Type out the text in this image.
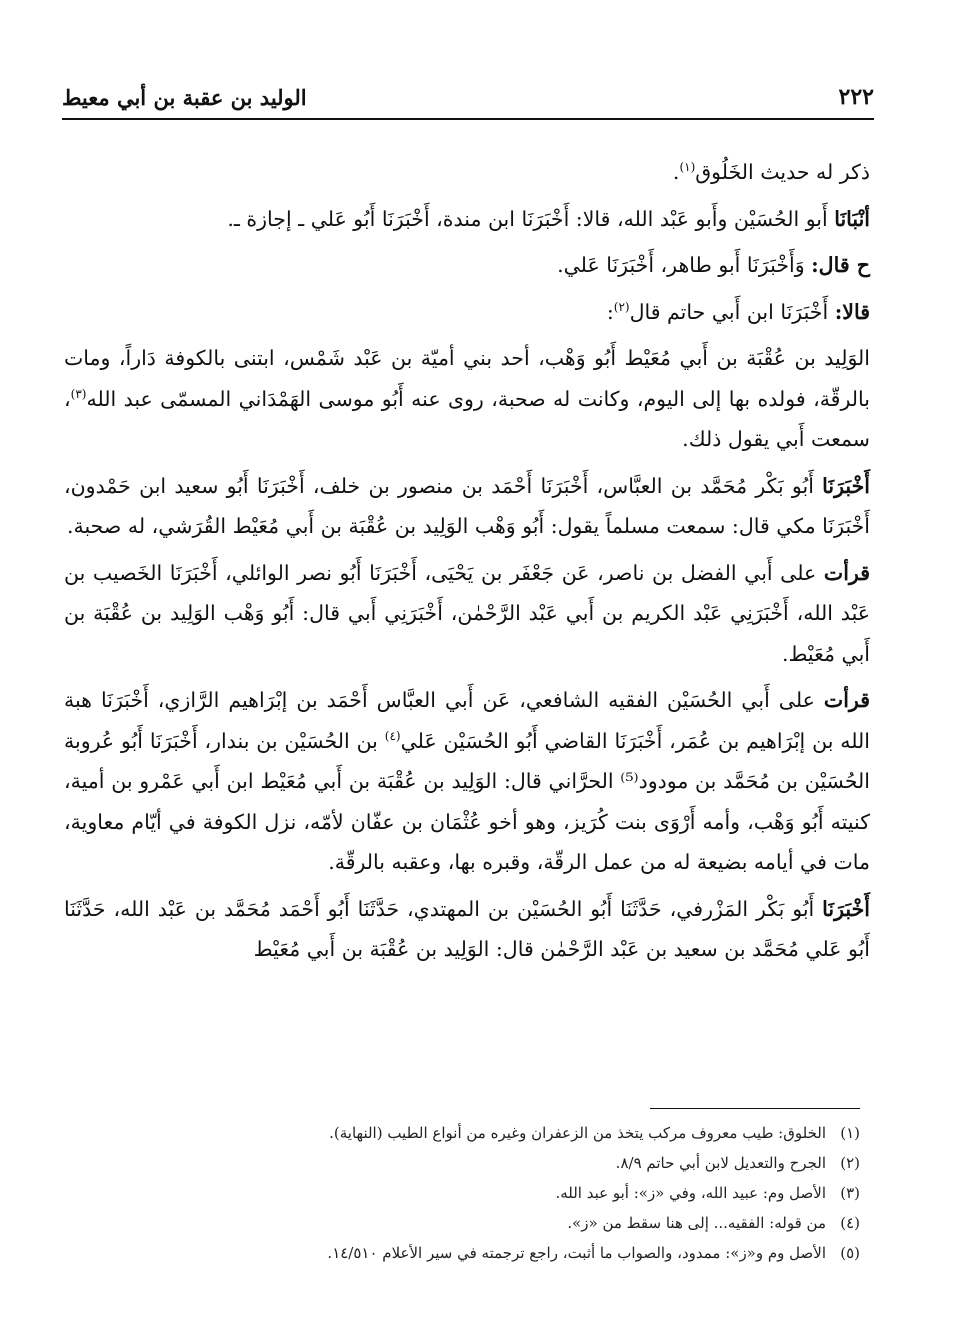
٢٢٢
الوليد بن عقبة بن أبي معيط

ذكر له حديث الخَلُوق$^{(١)}$.

أنْبَانَا أَبو الحُسَيْن وأَبو عَبْد الله، قالا: أَخْبَرَنَا ابن مندة، أَخْبَرَنَا أَبُو عَلي ـ إجازة ـ.

ح قال: وَأَخْبَرَنَا أَبو طاهر، أَخْبَرَنَا عَلي.

قالا: أَخْبَرَنَا ابن أَبي حاتم قال$^{(٢)}$:

الوَلِيد بن عُقْبَة بن أَبي مُعَيْط أَبُو وَهْب، أحد بني أميّة بن عَبْد شَمْس، ابتنى بالكوفة دَاراً، ومات بالرقّة، فولده بها إلى اليوم، وكانت له صحبة، روى عنه أَبُو موسى الهَمْدَاني المسمّى عبد الله$^{(٣)}$، سمعت أَبي يقول ذلك.

أَخْبَرَنَا أَبُو بَكْر مُحَمَّد بن العبَّاس، أَخْبَرَنَا أَحْمَد بن منصور بن خلف، أَخْبَرَنَا أَبُو سعيد ابن حَمْدون، أَخْبَرَنَا مكي قال: سمعت مسلماً يقول: أَبُو وَهْب الوَلِيد بن عُقْبَة بن أَبي مُعَيْط القُرَشي، له صحبة.

قرأت على أَبي الفضل بن ناصر، عَن جَعْفَر بن يَحْيَى، أَخْبَرَنَا أَبُو نصر الوائلي، أَخْبَرَنَا الخَصيب بن عَبْد الله، أَخْبَرَنِي عَبْد الكريم بن أَبي عَبْد الرَّحْمٰن، أَخْبَرَنِي أَبي قال: أَبُو وَهْب الوَلِيد بن عُقْبَة بن أَبي مُعَيْط.

قرأت على أَبي الحُسَيْن الفقيه الشافعي، عَن أَبي العبَّاس أَحْمَد بن إبْرَاهيم الرَّازي، أَخْبَرَنَا هبة الله بن إبْرَاهيم بن عُمَر، أَخْبَرَنَا القاضي أَبُو الحُسَيْن عَلي$^{(٤)}$ بن الحُسَيْن بن بندار، أَخْبَرَنَا أَبُو عُروبة الحُسَيْن بن مُحَمَّد بن مودود⁽⁵⁾ الحرَّاني قال: الوَلِيد بن عُقْبَة بن أَبي مُعَيْط ابن أَبي عَمْرو بن أمية، كنيته أَبُو وَهْب، وأمه أَرْوَى بنت كُرَيز، وهو أخو عُثْمَان بن عفّان لأمّه، نزل الكوفة في أيّام معاوية، مات في أيامه بضيعة له من عمل الرقّة، وقبره بها، وعقبه بالرقّة.

أَخْبَرَنَا أَبُو بَكْر المَزْرفي، حَدَّثَنَا أَبُو الحُسَيْن بن المهتدي، حَدَّثَنَا أَبُو أَحْمَد مُحَمَّد بن عَبْد الله، حَدَّثَنَا أَبُو عَلي مُحَمَّد بن سعيد بن عَبْد الرَّحْمٰن قال: الوَلِيد بن عُقْبَة بن أَبي مُعَيْط

(١)الخلوق: طيب معروف مركب يتخذ من الزعفران وغيره من أنواع الطيب (النهاية).
(٢)الجرح والتعديل لابن أبي حاتم ٨/٩.
(٣)الأصل وم: عبيد الله، وفي «ز»: أبو عبد الله.
(٤)من قوله: الفقيه... إلى هنا سقط من «ز».
(٥)الأصل وم و«ز»: ممدود، والصواب ما أثبت، راجع ترجمته في سير الأعلام ١٤/٥١٠.
